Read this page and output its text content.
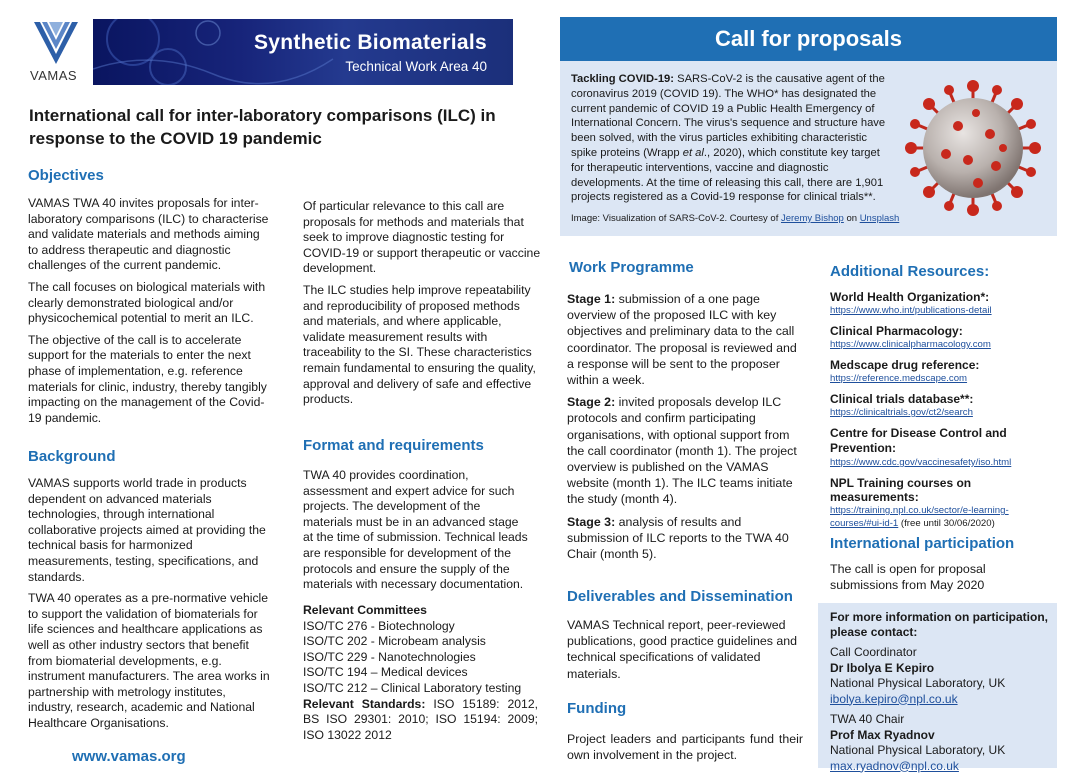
VAMAS
Synthetic Biomaterials
Technical Work Area 40
International call for inter-laboratory comparisons (ILC) in response to the COVID 19 pandemic
Objectives

VAMAS TWA 40 invites proposals for inter-laboratory comparisons (ILC) to characterise and validate materials and methods aiming to address therapeutic and diagnostic challenges of the current pandemic.

The call focuses on biological materials with clearly demonstrated biological and/or physicochemical potential to merit an ILC.

The objective of the call is to accelerate support for the materials to enter the next phase of implementation, e.g. reference materials for clinic, industry, thereby tangibly impacting on the management of the Covid-19 pandemic.

Background

VAMAS supports world trade in products dependent on advanced materials technologies, through international collaborative projects aimed at providing the technical basis for harmonized measurements, testing, specifications, and standards.

TWA 40 operates as a pre-normative vehicle to support the validation of biomaterials for life sciences and healthcare applications as well as other industry sectors that benefit from biomaterial developments, e.g. instrument manufacturers. The area works in partnership with metrology institutes, industry, research, academic and National Healthcare Organisations.

www.vamas.org

Of particular relevance to this call are proposals for methods and materials that seek to improve diagnostic testing for COVID-19 or support therapeutic or vaccine development.

The ILC studies help improve repeatability and reproducibility of proposed methods and materials, and where applicable, validate measurement results with traceability to the SI. These characteristics remain fundamental to ensuring the quality, approval and delivery of safe and effective products.

Format and requirements
TWA 40 provides coordination, assessment and expert advice for such projects. The development of the materials must be in an advanced stage at the time of submission. Technical leads are responsible for development of the protocols and ensure the supply of the materials with necessary documentation.
Relevant Committees
ISO/TC 276 - Biotechnology
ISO/TC 202 - Microbeam analysis
ISO/TC 229 - Nanotechnologies
ISO/TC 194 – Medical devices
ISO/TC 212 – Clinical Laboratory testing
Relevant Standards: ISO 15189: 2012, BS ISO 29301: 2010; ISO 15194: 2009; ISO 13022 2012
Call for proposals
Tackling COVID-19: SARS-CoV-2 is the causative agent of the coronavirus 2019 (COVID 19). The WHO* has designated the current pandemic of COVID 19 a Public Health Emergency of International Concern. The virus's sequence and structure have been solved, with the virus particles exhibiting characteristic spike proteins (Wrapp et al., 2020), which constitute key target for therapeutic interventions, vaccine and diagnostic developments. At the time of releasing this call, there are 1,901 projects registered as a Covid-19 response for clinical trials**.
Image: Visualization of SARS-CoV-2. Courtesy of Jeremy Bishop on Unsplash
Work Programme

Stage 1: submission of a one page overview of the proposed ILC with key objectives and preliminary data to the call coordinator. The proposal is reviewed and a response will be sent to the proposer within a week.

Stage 2: invited proposals develop ILC protocols and confirm participating organisations, with optional support from the call coordinator (month 1). The project overview is published on the VAMAS website (month 1). The ILC teams initiate the study (month 4).

Stage 3: analysis of results and submission of ILC reports to the TWA 40 Chair (month 5).

Deliverables and Dissemination
VAMAS Technical report, peer-reviewed publications, good practice guidelines and technical specifications of validated materials.
Funding
Project leaders and participants fund their own involvement in the project.
Additional Resources:
World Health Organization*:
https://www.who.int/publications-detail
Clinical Pharmacology:
https://www.clinicalpharmacology.com
Medscape drug reference:
https://reference.medscape.com
Clinical trials database**:
https://clinicaltrials.gov/ct2/search
Centre for Disease Control and Prevention:
https://www.cdc.gov/vaccinesafety/iso.html
NPL Training courses on measurements:
https://training.npl.co.uk/sector/e-learning-courses/#ui-id-1 (free until 30/06/2020)
International participation
The call is open for proposal submissions from May 2020
For more information on participation, please contact:
Call Coordinator
Dr Ibolya E Kepiro
National Physical Laboratory, UK
ibolya.kepiro@npl.co.uk
TWA 40 Chair
Prof Max Ryadnov
National Physical Laboratory, UK
max.ryadnov@npl.co.uk
